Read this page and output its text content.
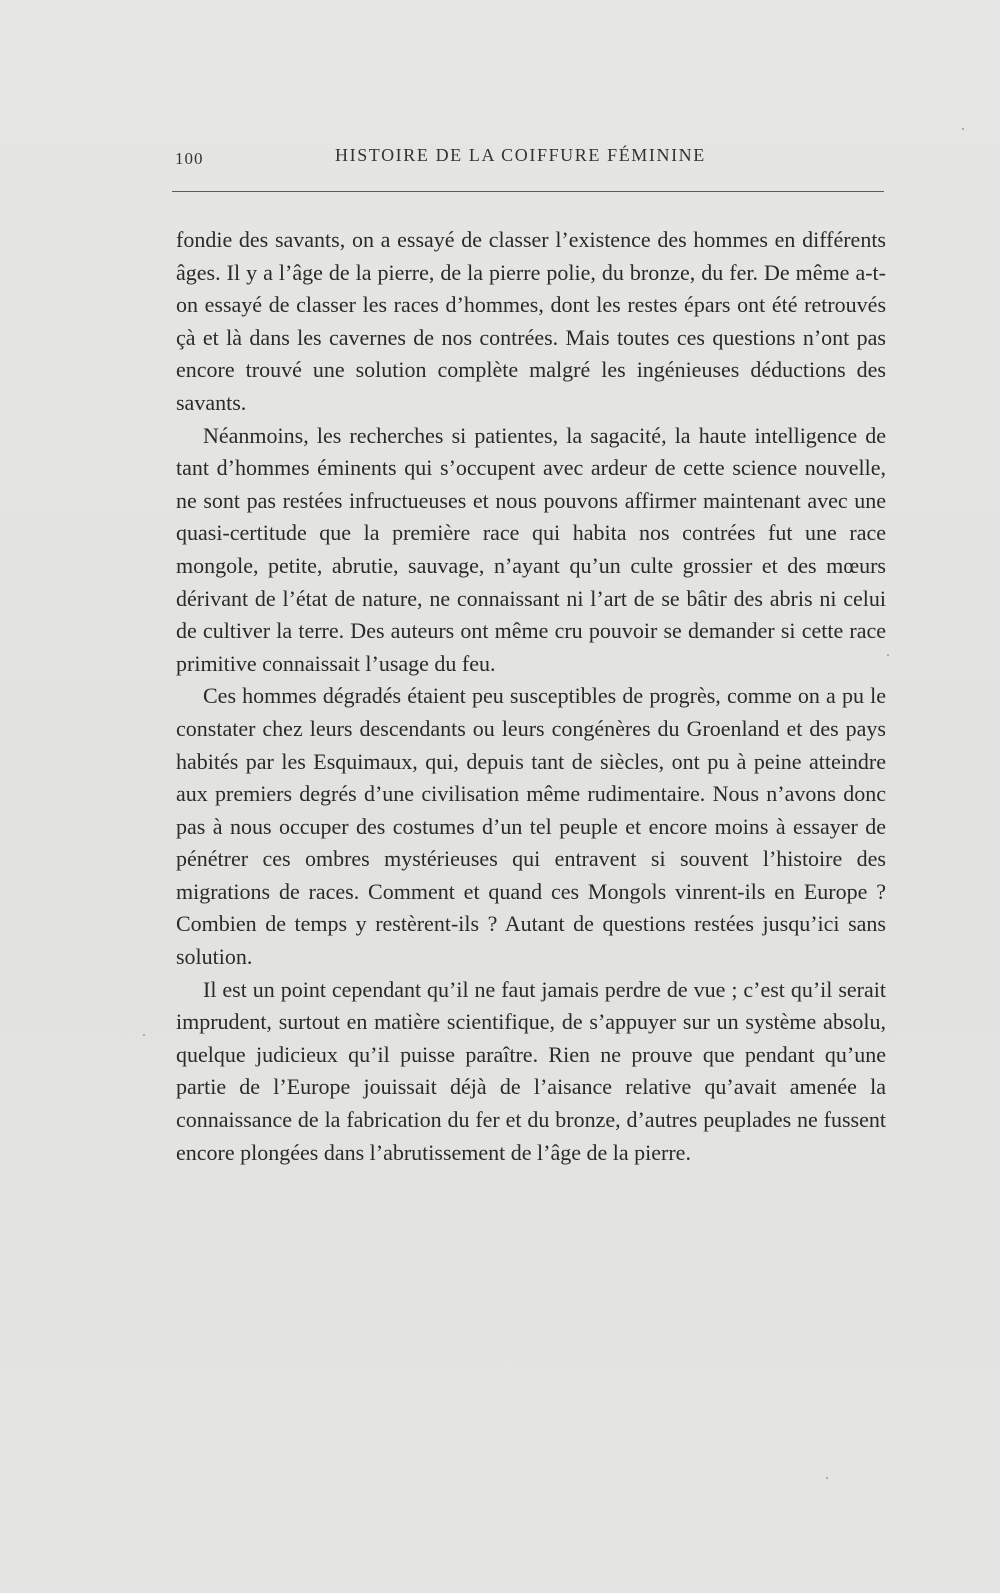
100	HISTOIRE DE LA COIFFURE FÉMININE

fondie des savants, on a essayé de classer l’existence des hommes en différents âges. Il y a l’âge de la pierre, de la pierre polie, du bronze, du fer. De même a-t-on essayé de classer les races d’hommes, dont les restes épars ont été retrouvés çà et là dans les cavernes de nos contrées. Mais toutes ces questions n’ont pas encore trouvé une solution complète malgré les ingénieuses déductions des savants.

Néanmoins, les recherches si patientes, la sagacité, la haute intelligence de tant d’hommes éminents qui s’occupent avec ardeur de cette science nouvelle, ne sont pas restées infructueuses et nous pouvons affirmer maintenant avec une quasi-certitude que la première race qui habita nos contrées fut une race mongole, petite, abrutie, sauvage, n’ayant qu’un culte grossier et des mœurs dérivant de l’état de nature, ne connaissant ni l’art de se bâtir des abris ni celui de cultiver la terre. Des auteurs ont même cru pouvoir se demander si cette race primitive connaissait l’usage du feu.

Ces hommes dégradés étaient peu susceptibles de progrès, comme on a pu le constater chez leurs descendants ou leurs congénères du Groenland et des pays habités par les Esquimaux, qui, depuis tant de siècles, ont pu à peine atteindre aux premiers degrés d’une civilisation même rudimentaire. Nous n’avons donc pas à nous occuper des costumes d’un tel peuple et encore moins à essayer de pénétrer ces ombres mystérieuses qui entravent si souvent l’histoire des migrations de races. Comment et quand ces Mongols vinrent-ils en Europe ? Combien de temps y restèrent-ils ? Autant de questions restées jusqu’ici sans solution.

Il est un point cependant qu’il ne faut jamais perdre de vue ; c’est qu’il serait imprudent, surtout en matière scientifique, de s’appuyer sur un système absolu, quelque judicieux qu’il puisse paraître. Rien ne prouve que pendant qu’une partie de l’Europe jouissait déjà de l’aisance relative qu’avait amenée la connaissance de la fabrication du fer et du bronze, d’autres peuplades ne fussent encore plongées dans l’abrutissement de l’âge de la pierre.
